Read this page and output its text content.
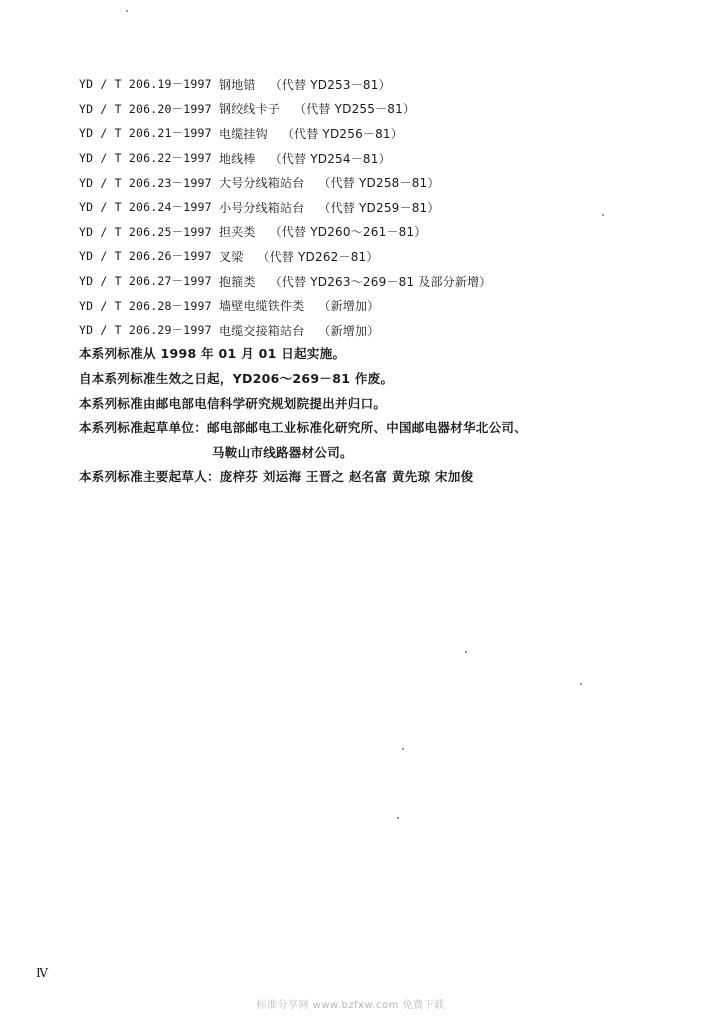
YD / T 206.19－1997 钢地错 （代替 YD253－81）
YD / T 206.20－1997 钢绞线卡子 （代替 YD255－81）
YD / T 206.21－1997 电缆挂钩 （代替 YD256－81）
YD / T 206.22－1997 地线棒 （代替 YD254－81）
YD / T 206.23－1997 大号分线箱站台 （代替 YD258－81）
YD / T 206.24－1997 小号分线箱站台 （代替 YD259－81）
YD / T 206.25－1997 担夹类 （代替 YD260～261－81）
YD / T 206.26－1997 叉梁 （代替 YD262－81）
YD / T 206.27－1997 抱箍类 （代替 YD263～269－81 及部分新增）
YD / T 206.28－1997 墙壁电缆铁件类 （新增加）
YD / T 206.29－1997 电缆交接箱站台 （新增加）
本系列标准从 1998 年 01 月 01 日起实施。
自本系列标准生效之日起，YD206～269－81 作废。
本系列标准由邮电部电信科学研究规划院提出并归口。
本系列标准起草单位：邮电部邮电工业标准化研究所、中国邮电器材华北公司、
马鞍山市线路器材公司。
本系列标准主要起草人：庞梓芬 刘运海 王晋之 赵名富 黄先琼 宋加俊
Ⅳ
标准分享网 www.bzfxw.com 免费下载
